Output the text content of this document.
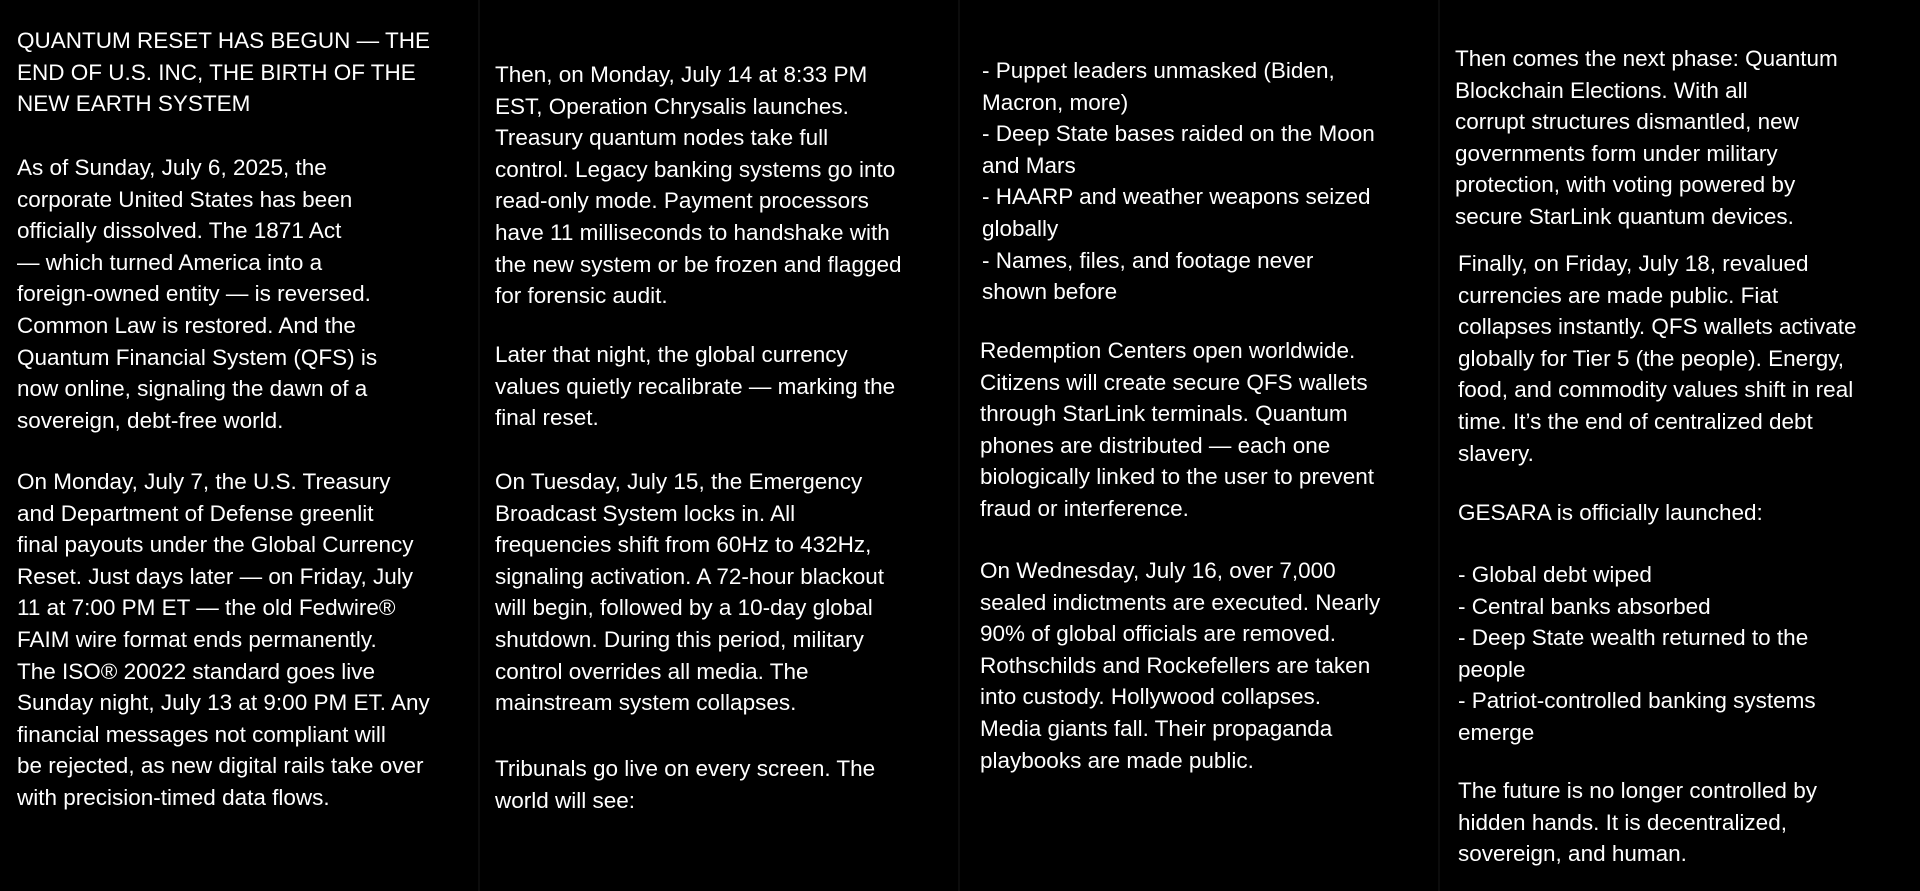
QUANTUM RESET HAS BEGUN — THE
END OF U.S. INC, THE BIRTH OF THE
NEW EARTH SYSTEM

As of Sunday, July 6, 2025, the
corporate United States has been
officially dissolved. The 1871 Act
— which turned America into a
foreign-owned entity — is reversed.
Common Law is restored. And the
Quantum Financial System (QFS) is
now online, signaling the dawn of a
sovereign, debt-free world.

On Monday, July 7, the U.S. Treasury
and Department of Defense greenlit
final payouts under the Global Currency
Reset. Just days later — on Friday, July
11 at 7:00 PM ET — the old Fedwire®
FAIM wire format ends permanently.
The ISO® 20022 standard goes live
Sunday night, July 13 at 9:00 PM ET. Any
financial messages not compliant will
be rejected, as new digital rails take over
with precision-timed data flows.

Then, on Monday, July 14 at 8:33 PM
EST, Operation Chrysalis launches.
Treasury quantum nodes take full
control. Legacy banking systems go into
read-only mode. Payment processors
have 11 milliseconds to handshake with
the new system or be frozen and flagged
for forensic audit.

Later that night, the global currency
values quietly recalibrate — marking the
final reset.

On Tuesday, July 15, the Emergency
Broadcast System locks in. All
frequencies shift from 60Hz to 432Hz,
signaling activation. A 72-hour blackout
will begin, followed by a 10-day global
shutdown. During this period, military
control overrides all media. The
mainstream system collapses.

Tribunals go live on every screen. The
world will see:

- Puppet leaders unmasked (Biden,
Macron, more)
- Deep State bases raided on the Moon
and Mars
- HAARP and weather weapons seized
globally
- Names, files, and footage never
shown before

Redemption Centers open worldwide.
Citizens will create secure QFS wallets
through StarLink terminals. Quantum
phones are distributed — each one
biologically linked to the user to prevent
fraud or interference.

On Wednesday, July 16, over 7,000
sealed indictments are executed. Nearly
90% of global officials are removed.
Rothschilds and Rockefellers are taken
into custody. Hollywood collapses.
Media giants fall. Their propaganda
playbooks are made public.

Then comes the next phase: Quantum
Blockchain Elections. With all
corrupt structures dismantled, new
governments form under military
protection, with voting powered by
secure StarLink quantum devices.

Finally, on Friday, July 18, revalued
currencies are made public. Fiat
collapses instantly. QFS wallets activate
globally for Tier 5 (the people). Energy,
food, and commodity values shift in real
time. It’s the end of centralized debt
slavery.

GESARA is officially launched:

- Global debt wiped
- Central banks absorbed
- Deep State wealth returned to the
people
- Patriot-controlled banking systems
emerge

The future is no longer controlled by
hidden hands. It is decentralized,
sovereign, and human.
